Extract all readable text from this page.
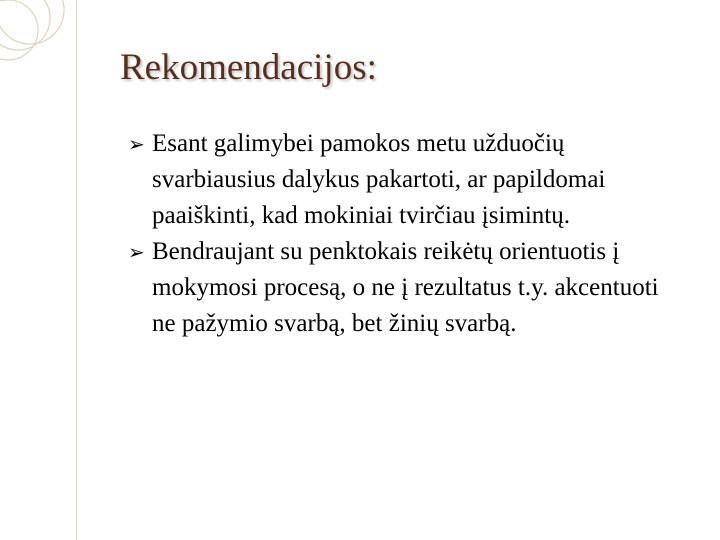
Rekomendacijos:
➢ Esant galimybei pamokos metu užduočių svarbiausius dalykus pakartoti, ar papildomai paaiškinti, kad mokiniai tvirčiau įsimintų.
➢ Bendraujant su penktokais reikėtų orientuotis į mokymosi procesą, o ne į rezultatus t.y. akcentuoti ne pažymio svarbą, bet žinių svarbą.
